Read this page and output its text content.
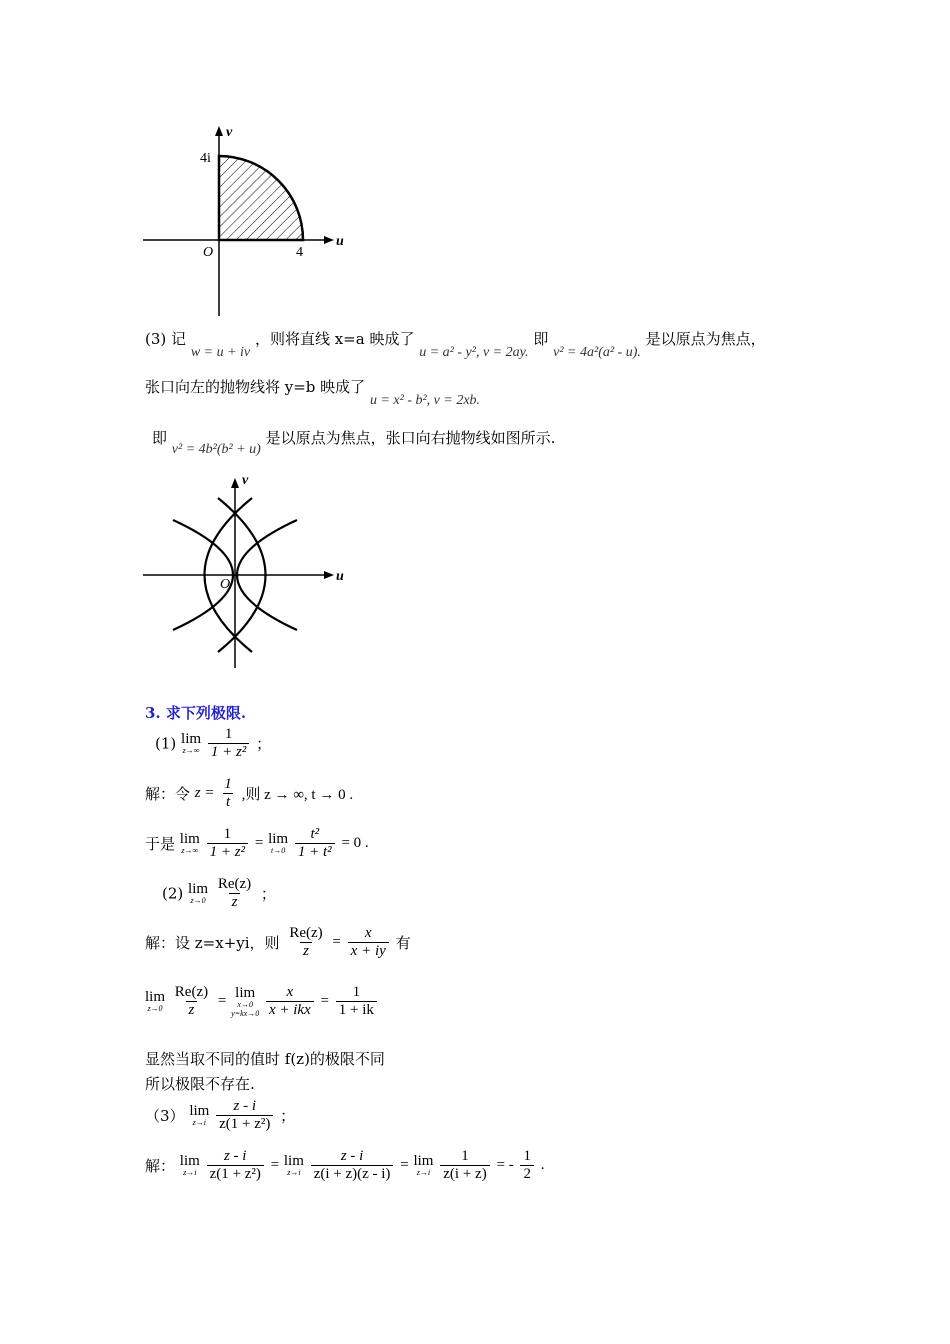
v
u
4i
4
O
(3) 记 w = u + iv ，则将直线 x=a 映成了 u = a² - y², v = 2ay. 即 v² = 4a²(a² - u). 是以原点为焦点，
张口向左的抛物线将 y=b 映成了 u = x² - b², v = 2xb.
即 v² = 4b²(b² + u) 是以原点为焦点，张口向右抛物线如图所示.
v
u
O
3. 求下列极限.
(1) lim
z→∞
$\frac{1}{\text{1 + z²}}$ ；
解：令 $z = \frac{1}{t}$ ,则 z → ∞, t → 0 .
于是 lim
z→∞
$\frac{1}{\text{1 + z²}} = \lim$
t→0
$\frac{\text{t²}}{\text{1 + t²}} = 0$ .
(2) lim
z→0
$\frac{Re(z)}{z}$ ；
解：设 z=x+yi，则 $\frac{Re(z)}{z} = \frac{x}{x + iy}$ 有
lim
z→0
$\frac{Re(z)}{z}$ =
lim
x→0
y=kx→0
$\frac{x}{\text{x + ikx}} = \frac{1}{1 + ik}$
显然当取不同的值时 f(z)的极限不同
所以极限不存在.
（3） lim
z→i
$\frac{z - i}{\text{z(1 + z²)}}$ ；
解： lim
z→i
$\frac{z - i}{\text{z(1 + z²)}} = \lim$
z→i
$\frac{z - i}{z(i + z)(z - i)} = \lim$
z→i
$\frac{1}{z(i + z)}$ = - $\frac{1}{2}$ .
